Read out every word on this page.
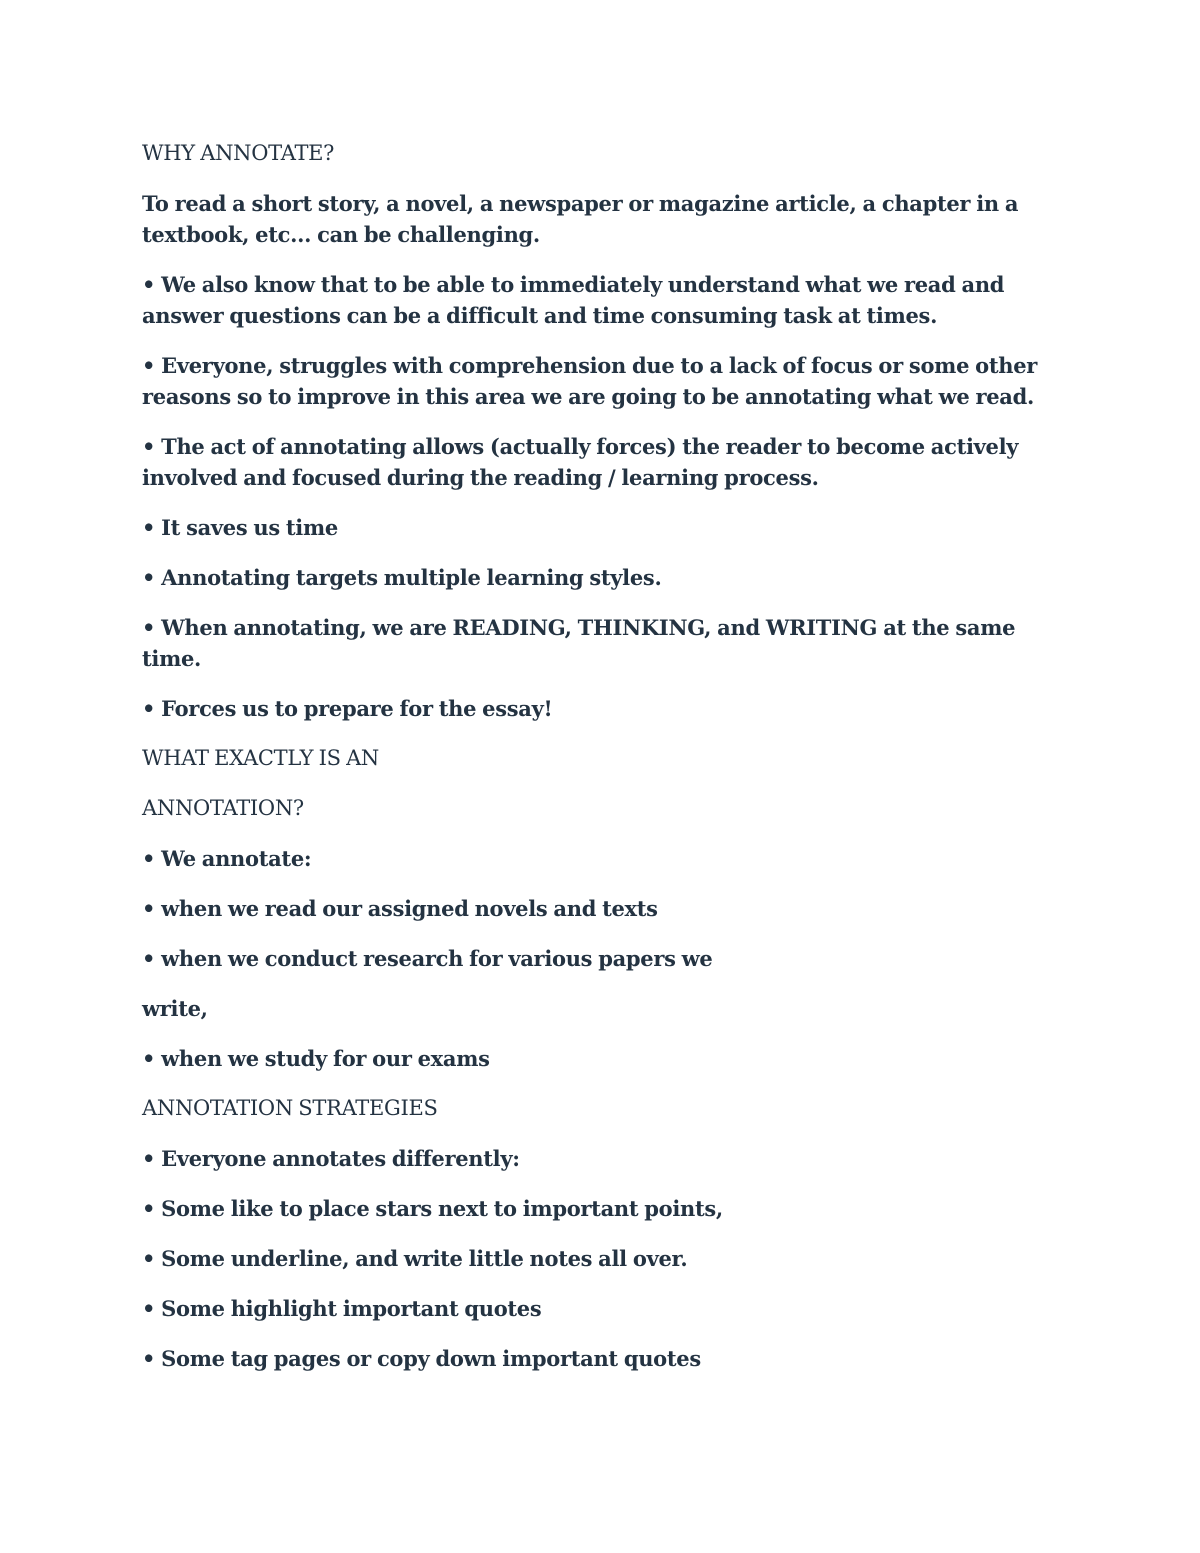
WHY ANNOTATE?

To read a short story, a novel, a newspaper or magazine article, a chapter in a textbook, etc... can be challenging.

• We also know that to be able to immediately understand what we read and answer questions can be a difficult and time consuming task at times.

• Everyone, struggles with comprehension due to a lack of focus or some other reasons so to improve in this area we are going to be annotating what we read.

• The act of annotating allows (actually forces) the reader to become actively involved and focused during the reading / learning process.

• It saves us time

• Annotating targets multiple learning styles.

• When annotating, we are READING, THINKING, and WRITING at the same time.

• Forces us to prepare for the essay!

WHAT EXACTLY IS AN

ANNOTATION?

• We annotate:

• when we read our assigned novels and texts

• when we conduct research for various papers we

write,

• when we study for our exams

ANNOTATION STRATEGIES

• Everyone annotates differently:

• Some like to place stars next to important points,

• Some underline, and write little notes all over.

• Some highlight important quotes

• Some tag pages or copy down important quotes
